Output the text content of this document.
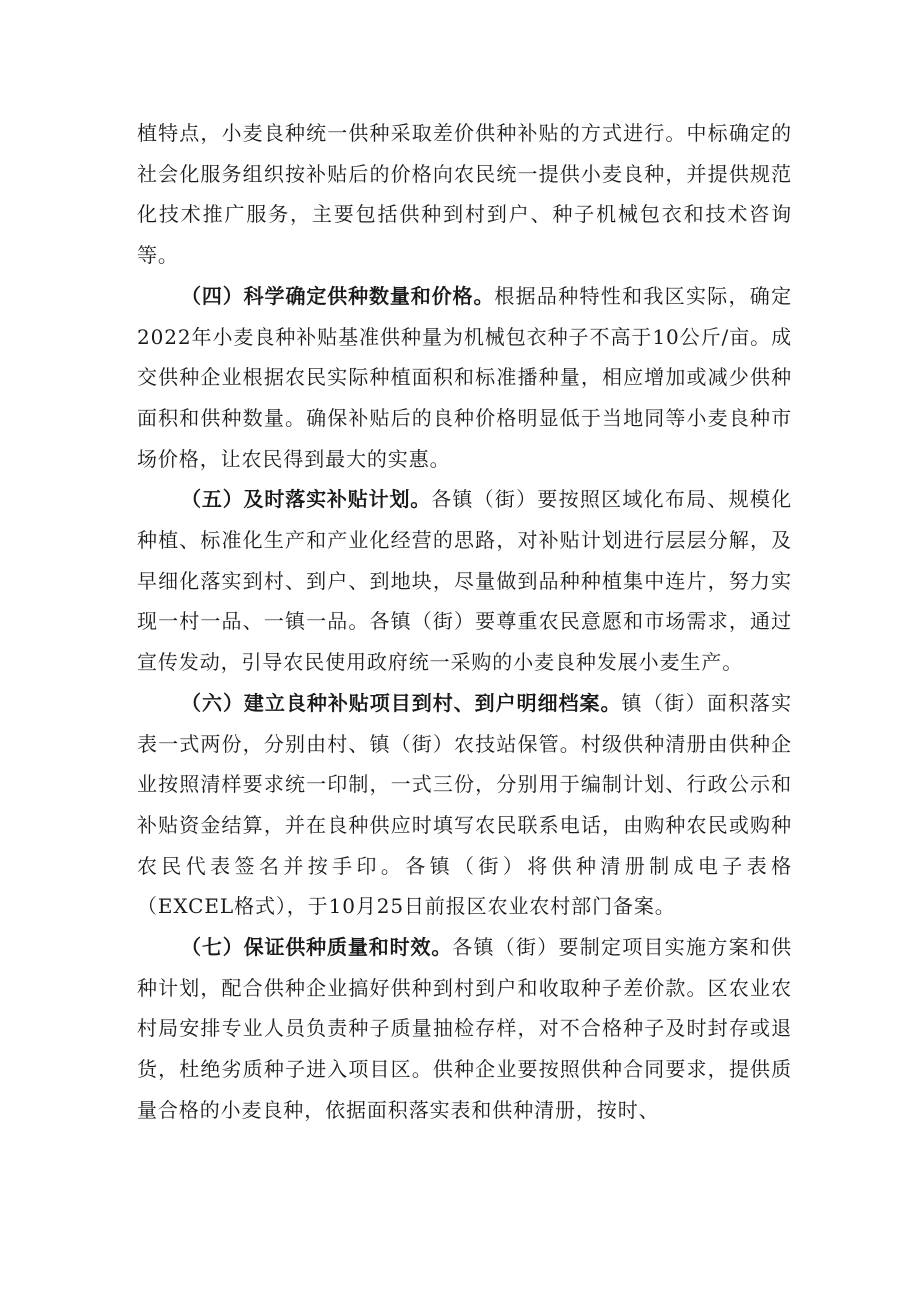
植特点，小麦良种统一供种采取差价供种补贴的方式进行。中标确定的社会化服务组织按补贴后的价格向农民统一提供小麦良种，并提供规范化技术推广服务，主要包括供种到村到户、种子机械包衣和技术咨询等。

（四）科学确定供种数量和价格。根据品种特性和我区实际，确定2022年小麦良种补贴基准供种量为机械包衣种子不高于10公斤/亩。成交供种企业根据农民实际种植面积和标准播种量，相应增加或减少供种面积和供种数量。确保补贴后的良种价格明显低于当地同等小麦良种市场价格，让农民得到最大的实惠。

（五）及时落实补贴计划。各镇（街）要按照区域化布局、规模化种植、标准化生产和产业化经营的思路，对补贴计划进行层层分解，及早细化落实到村、到户、到地块，尽量做到品种种植集中连片，努力实现一村一品、一镇一品。各镇（街）要尊重农民意愿和市场需求，通过宣传发动，引导农民使用政府统一采购的小麦良种发展小麦生产。

（六）建立良种补贴项目到村、到户明细档案。镇（街）面积落实表一式两份，分别由村、镇（街）农技站保管。村级供种清册由供种企业按照清样要求统一印制，一式三份，分别用于编制计划、行政公示和补贴资金结算，并在良种供应时填写农民联系电话，由购种农民或购种农民代表签名并按手印。各镇（街）将供种清册制成电子表格（EXCEL格式），于10月25日前报区农业农村部门备案。

（七）保证供种质量和时效。各镇（街）要制定项目实施方案和供种计划，配合供种企业搞好供种到村到户和收取种子差价款。区农业农村局安排专业人员负责种子质量抽检存样，对不合格种子及时封存或退货，杜绝劣质种子进入项目区。供种企业要按照供种合同要求，提供质量合格的小麦良种，依据面积落实表和供种清册，按时、
